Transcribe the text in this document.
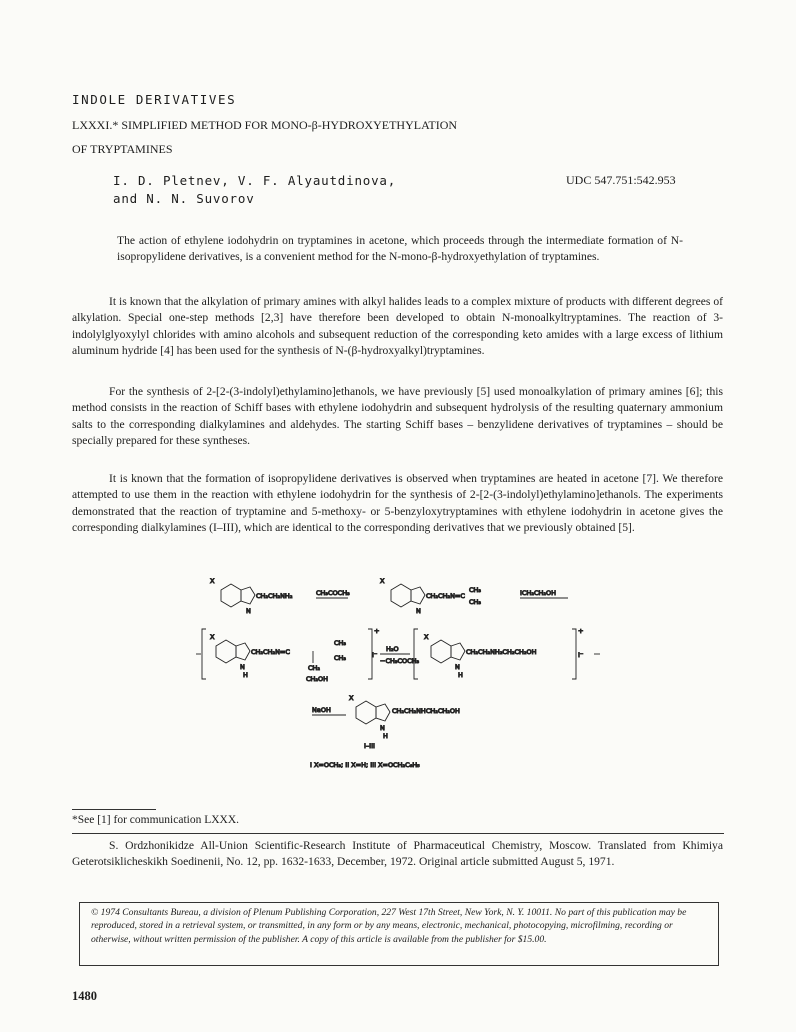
INDOLE DERIVATIVES
LXXXI.* SIMPLIFIED METHOD FOR MONO-β-HYDROXYETHYLATION
OF TRYPTAMINES
I. D. Pletnev, V. F. Alyautdinova,
and N. N. Suvorov
UDC 547.751:542.953
The action of ethylene iodohydrin on tryptamines in acetone, which proceeds through the intermediate formation of N-isopropylidene derivatives, is a convenient method for the N-mono-β-hydroxyethylation of tryptamines.
It is known that the alkylation of primary amines with alkyl halides leads to a complex mixture of products with different degrees of alkylation. Special one-step methods [2,3] have therefore been developed to obtain N-monoalkyltryptamines. The reaction of 3-indolylglyoxylyl chlorides with amino alcohols and subsequent reduction of the corresponding keto amides with a large excess of lithium aluminum hydride [4] has been used for the synthesis of N-(β-hydroxyalkyl)tryptamines.
For the synthesis of 2-[2-(3-indolyl)ethylamino]ethanols, we have previously [5] used monoalkylation of primary amines [6]; this method consists in the reaction of Schiff bases with ethylene iodohydrin and subsequent hydrolysis of the resulting quaternary ammonium salts to the corresponding dialkylamines and aldehydes. The starting Schiff bases – benzylidene derivatives of tryptamines – should be specially prepared for these syntheses.
It is known that the formation of isopropylidene derivatives is observed when tryptamines are heated in acetone [7]. We therefore attempted to use them in the reaction with ethylene iodohydrin for the synthesis of 2-[2-(3-indolyl)ethylamino]ethanols. The experiments demonstrated that the reaction of tryptamine and 5-methoxy- or 5-benzyloxytryptamines with ethylene iodohydrin in acetone gives the corresponding dialkylamines (I–III), which are identical to the corresponding derivatives that we previously obtained [5].
X
CH₂CH₂NH₂
N
CH₃COCH₃
X
CH₂CH₂N=C
CH₃
CH₃
N
ICH₂CH₂OH
X
CH₂CH₂N=C
CH₃
CH₃
CH₂
CH₂OH
N
H
+
I⁻
H₂O
−CH₃COCH₃
X
CH₂CH₂NH₂CH₂CH₂OH
N
H
+
I⁻
NaOH
X
CH₂CH₂NHCH₂CH₂OH
N
H
I–III
I X=OCH₃; II X=H; III X=OCH₂C₆H₅
*See [1] for communication LXXX.
S. Ordzhonikidze All-Union Scientific-Research Institute of Pharmaceutical Chemistry, Moscow. Translated from Khimiya Geterotsiklicheskikh Soedinenii, No. 12, pp. 1632-1633, December, 1972. Original article submitted August 5, 1971.
© 1974 Consultants Bureau, a division of Plenum Publishing Corporation, 227 West 17th Street, New York, N. Y. 10011. No part of this publication may be reproduced, stored in a retrieval system, or transmitted, in any form or by any means, electronic, mechanical, photocopying, microfilming, recording or otherwise, without written permission of the publisher. A copy of this article is available from the publisher for $15.00.
1480
